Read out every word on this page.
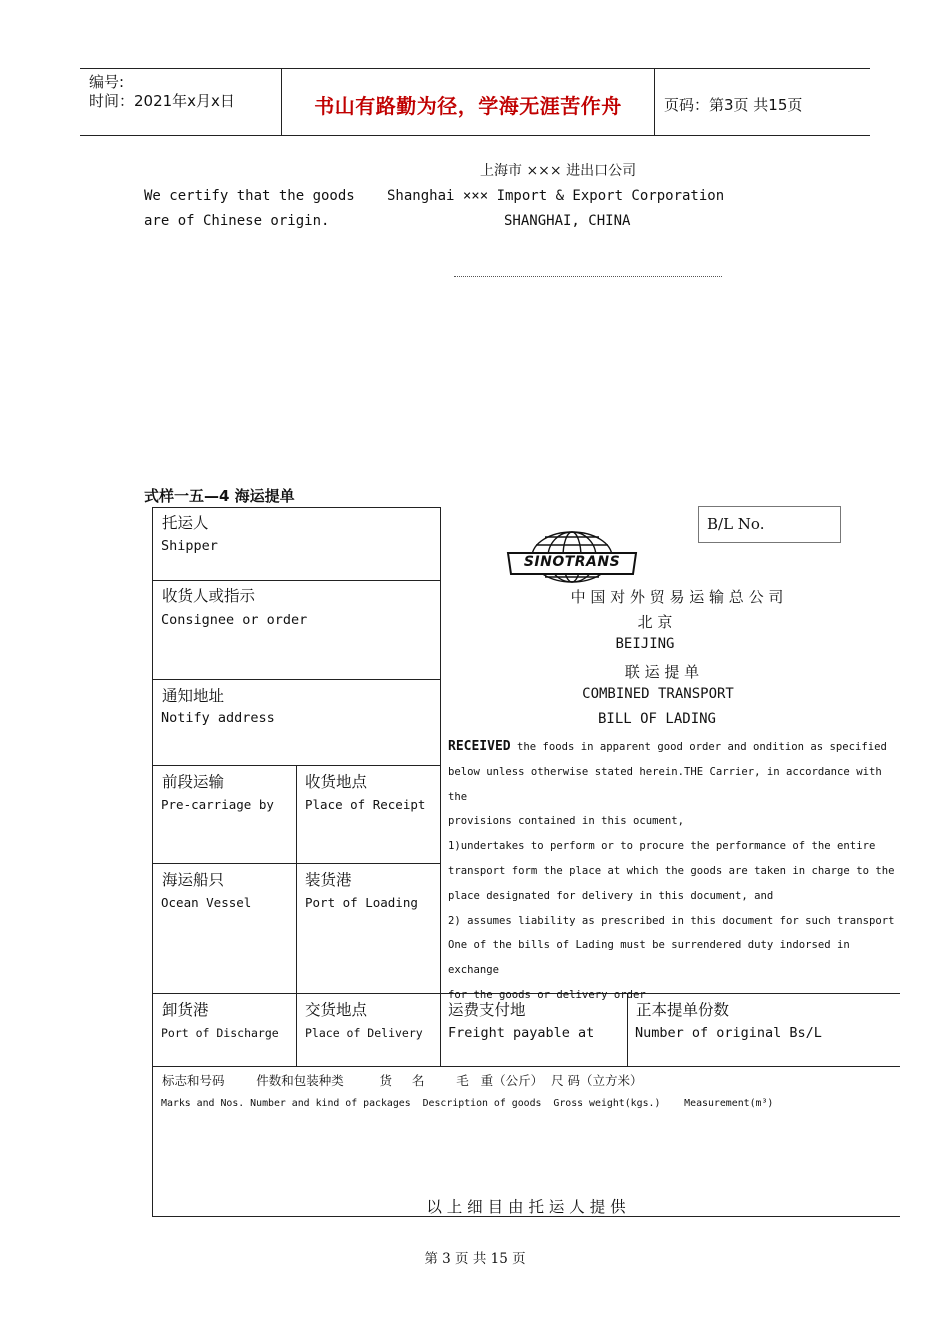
编号:
时间：2021年x月x日	书山有路勤为径，学海无涯苦作舟	页码：第3页 共15页
上海市 ××× 进出口公司
We certify that the goods
are of Chinese origin.
Shanghai ××× Import & Export Corporation
SHANGHAI, CHINA
式样一五—4 海运提单
托运人
Shipper
收货人或指示
Consignee or order
通知地址
Notify address
前段运输
Pre-carriage by
收货地点
Place of Receipt
海运船只
Ocean Vessel
装货港
Port of Loading
卸货港
Port of Discharge
交货地点
Place of Delivery
运费支付地
Freight payable at
正本提单份数
Number of original Bs/L
标志和号码        件数和包装种类         货     名        毛   重（公斤）  尺 码（立方米）
Marks and Nos. Number and kind of packages  Description of goods  Gross weight(kgs.)    Measurement(m³)
以 上 细 目 由 托 运 人 提 供
B/L No.
SINOTRANS
中 国 对 外 贸 易 运 输 总 公 司
北 京
BEIJING
联 运 提 单
COMBINED TRANSPORT
BILL OF LADING
RECEIVED the foods in apparent good order and ondition as specified
below unless otherwise stated herein.THE Carrier, in accordance with the
provisions contained in this ocument,
1)undertakes to perform or to procure the performance of the entire
transport form the place at which the goods are taken in charge to the
place designated for delivery in this document, and
2) assumes liability as prescribed in this document for such transport
One of the bills of Lading must be surrendered duty indorsed in exchange
for the goods or delivery order
第 3 页 共 15 页
